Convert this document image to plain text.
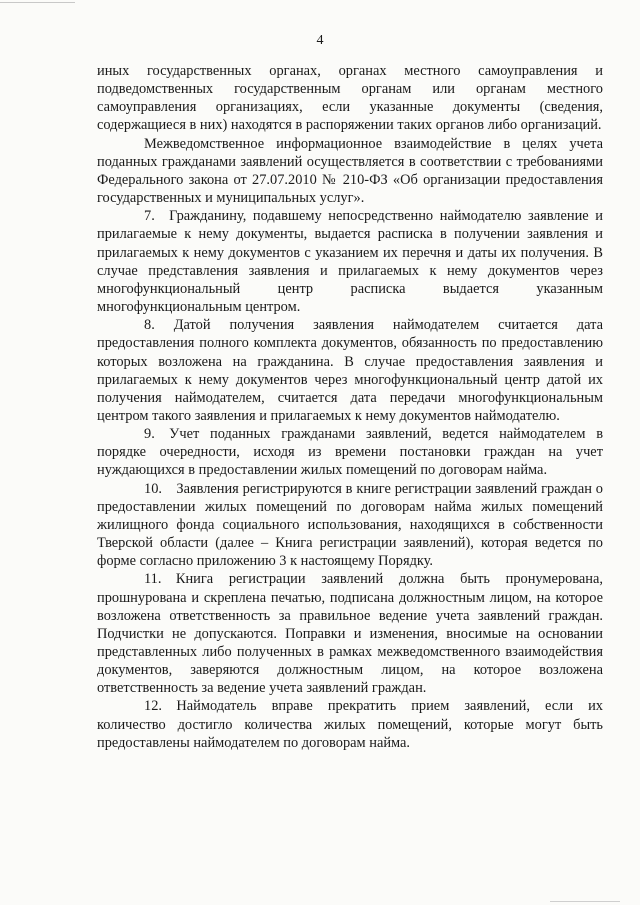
4

иных государственных органах, органах местного самоуправления и подведомственных государственным органам или органам местного самоуправления организациях, если указанные документы (сведения, содержащиеся в них) находятся в распоряжении таких органов либо организаций.

Межведомственное информационное взаимодействие в целях учета поданных гражданами заявлений осуществляется в соответствии с требованиями Федерального закона от 27.07.2010 № 210-ФЗ «Об организации предоставления государственных и муниципальных услуг».

7. Гражданину, подавшему непосредственно наймодателю заявление и прилагаемые к нему документы, выдается расписка в получении заявления и прилагаемых к нему документов с указанием их перечня и даты их получения. В случае представления заявления и прилагаемых к нему документов через многофункциональный центр расписка выдается указанным многофункциональным центром.

8. Датой получения заявления наймодателем считается дата предоставления полного комплекта документов, обязанность по предоставлению которых возложена на гражданина. В случае предоставления заявления и прилагаемых к нему документов через многофункциональный центр датой их получения наймодателем, считается дата передачи многофункциональным центром такого заявления и прилагаемых к нему документов наймодателю.

9. Учет поданных гражданами заявлений, ведется наймодателем в порядке очередности, исходя из времени постановки граждан на учет нуждающихся в предоставлении жилых помещений по договорам найма.

10. Заявления регистрируются в книге регистрации заявлений граждан о предоставлении жилых помещений по договорам найма жилых помещений жилищного фонда социального использования, находящихся в собственности Тверской области (далее – Книга регистрации заявлений), которая ведется по форме согласно приложению 3 к настоящему Порядку.

11. Книга регистрации заявлений должна быть пронумерована, прошнурована и скреплена печатью, подписана должностным лицом, на которое возложена ответственность за правильное ведение учета заявлений граждан. Подчистки не допускаются. Поправки и изменения, вносимые на основании представленных либо полученных в рамках межведомственного взаимодействия документов, заверяются должностным лицом, на которое возложена ответственность за ведение учета заявлений граждан.

12. Наймодатель вправе прекратить прием заявлений, если их количество достигло количества жилых помещений, которые могут быть предоставлены наймодателем по договорам найма.
